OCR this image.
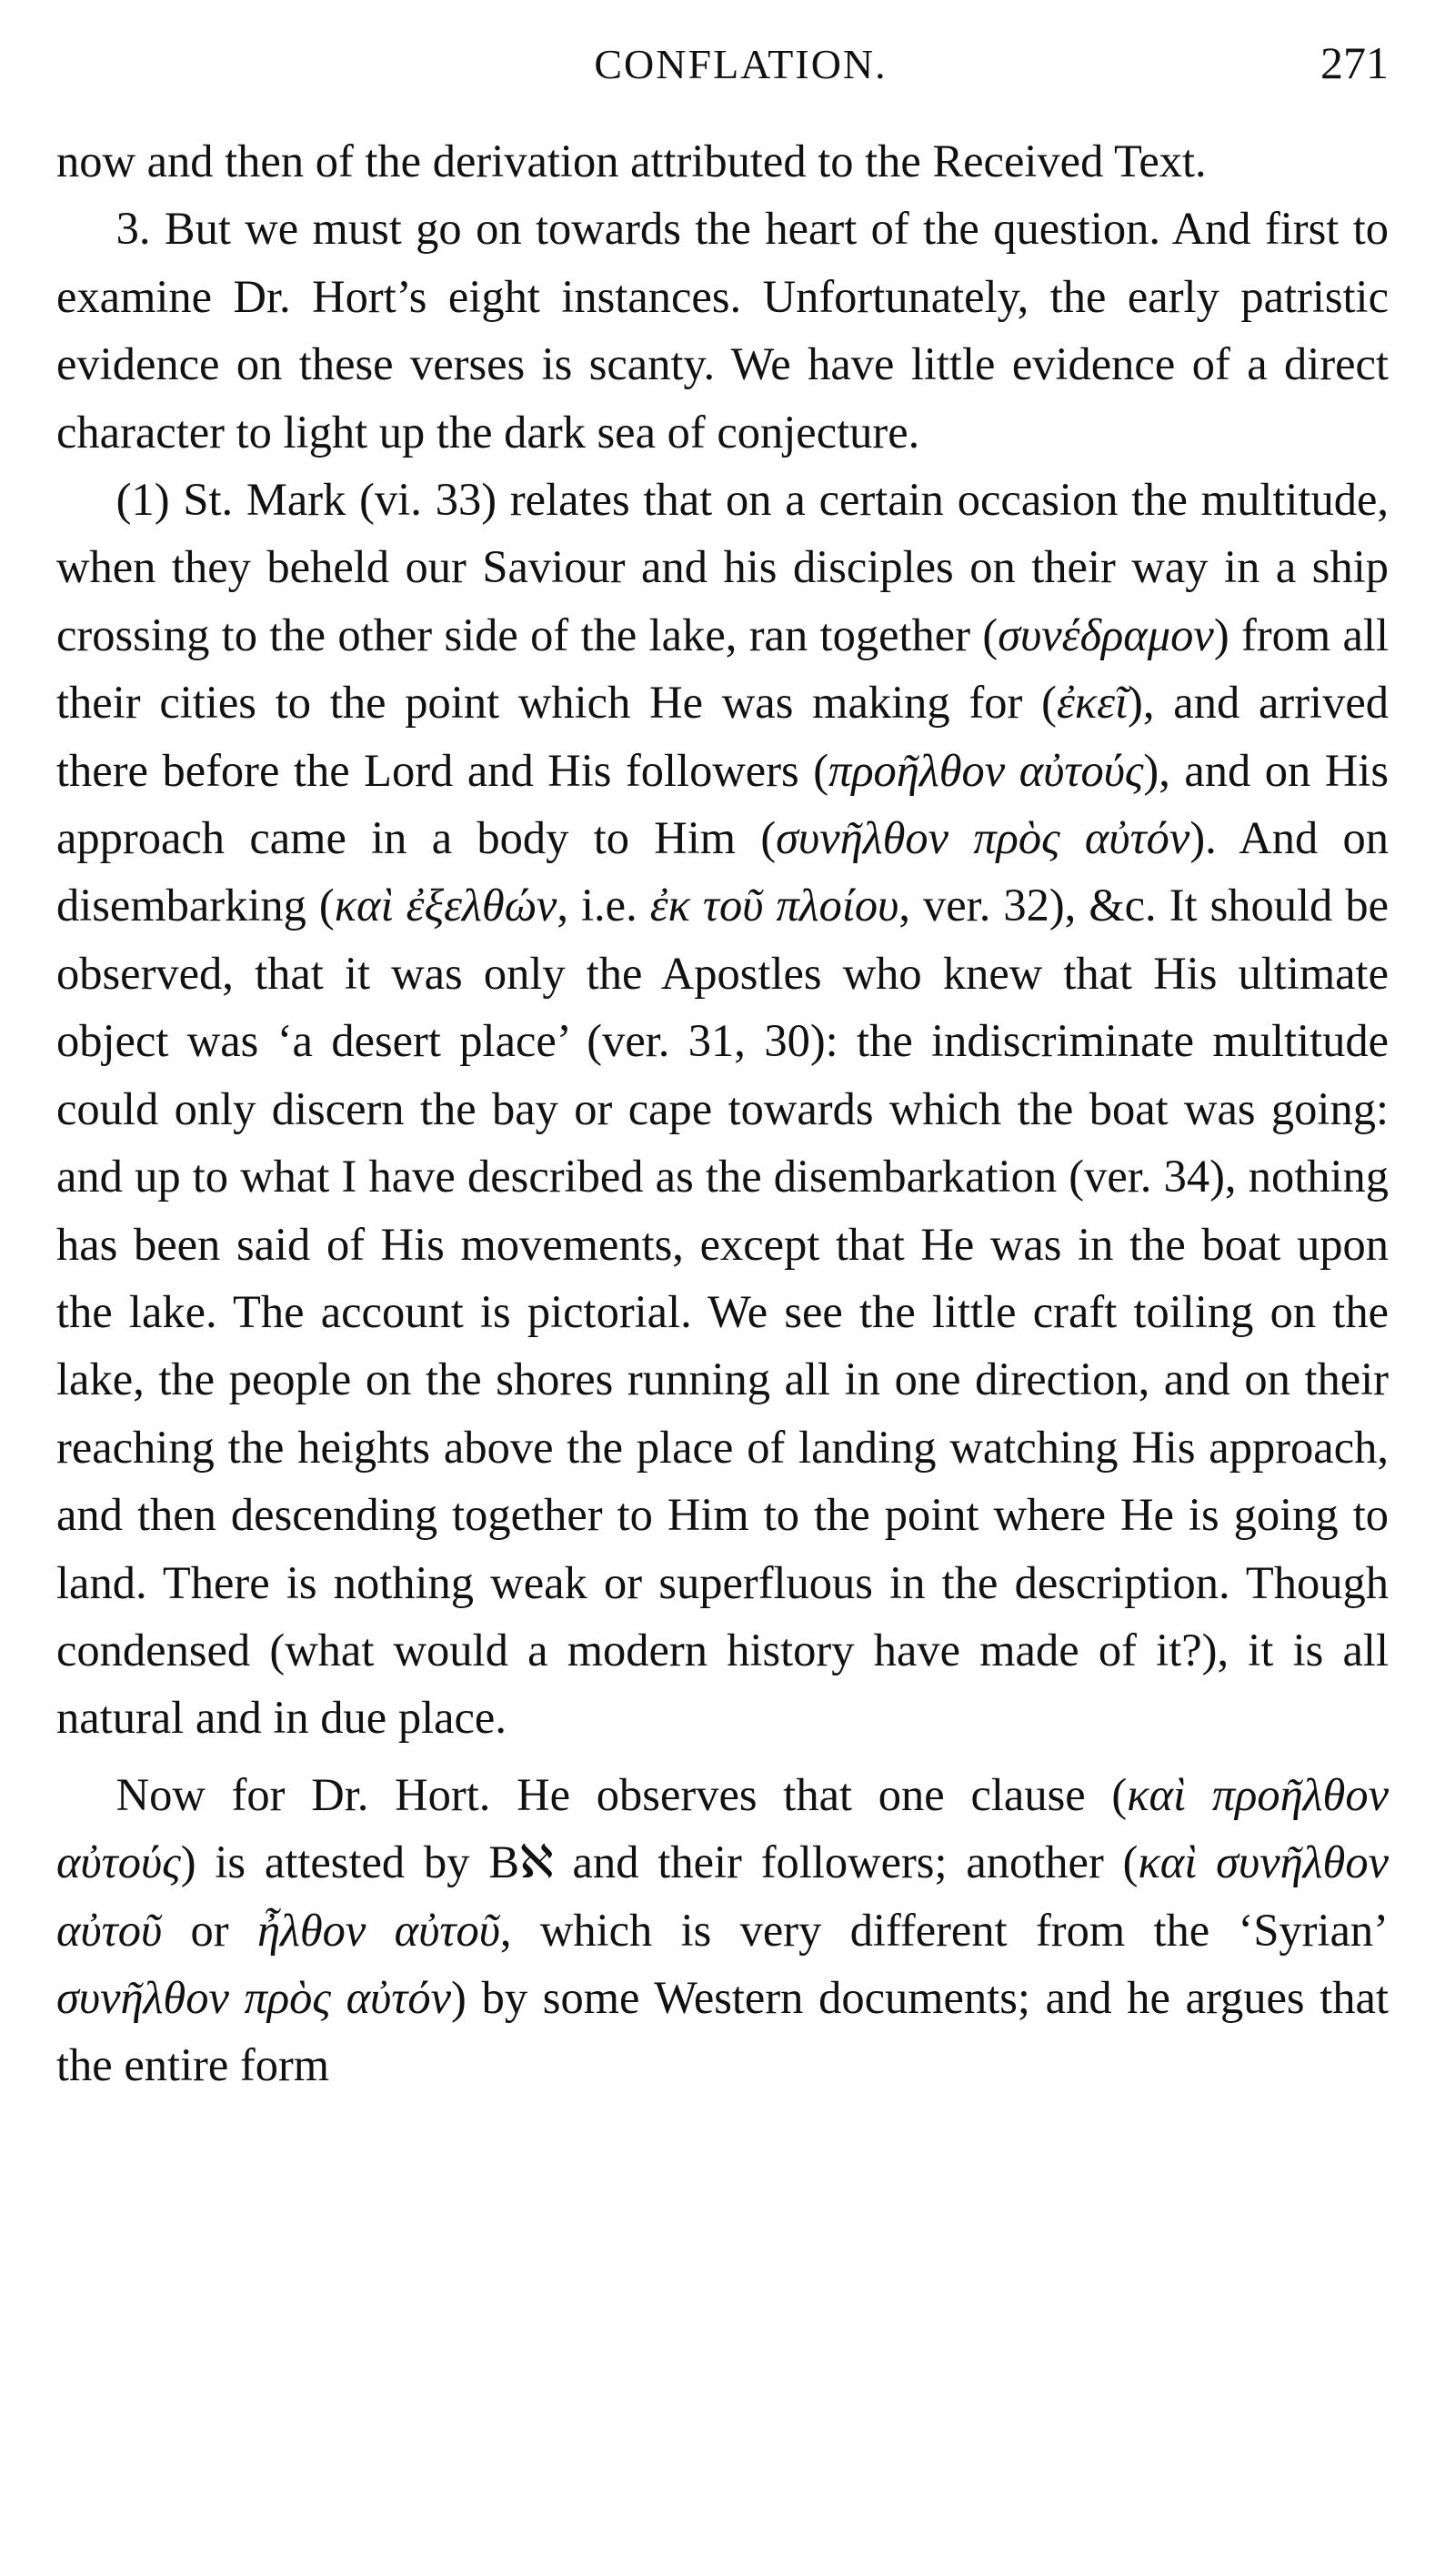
CONFLATION.	271

now and then of the derivation attributed to the Received Text.

3. But we must go on towards the heart of the question. And first to examine Dr. Hort’s eight instances. Unfortunately, the early patristic evidence on these verses is scanty. We have little evidence of a direct character to light up the dark sea of conjecture.

(1) St. Mark (vi. 33) relates that on a certain occasion the multitude, when they beheld our Saviour and his disciples on their way in a ship crossing to the other side of the lake, ran together (συνέδραμον) from all their cities to the point which He was making for (ἐκεῖ), and arrived there before the Lord and His followers (προῆλθον αὐτούς), and on His approach came in a body to Him (συνῆλθον πρὸς αὐτόν). And on disembarking (καὶ ἐξελθών, i.e. ἐκ τοῦ πλοίου, ver. 32), &c. It should be observed, that it was only the Apostles who knew that His ultimate object was ‘a desert place’ (ver. 31, 30): the indiscriminate multitude could only discern the bay or cape towards which the boat was going: and up to what I have described as the disembarkation (ver. 34), nothing has been said of His movements, except that He was in the boat upon the lake. The account is pictorial. We see the little craft toiling on the lake, the people on the shores running all in one direction, and on their reaching the heights above the place of landing watching His approach, and then descending together to Him to the point where He is going to land. There is nothing weak or superfluous in the description. Though condensed (what would a modern history have made of it?), it is all natural and in due place.

Now for Dr. Hort. He observes that one clause (καὶ προῆλθον αὐτούς) is attested by Bℵ and their followers; another (καὶ συνῆλθον αὐτοῦ or ἦλθον αὐτοῦ, which is very different from the ‘Syrian’ συνῆλθον πρὸς αὐτόν) by some Western documents; and he argues that the entire form
